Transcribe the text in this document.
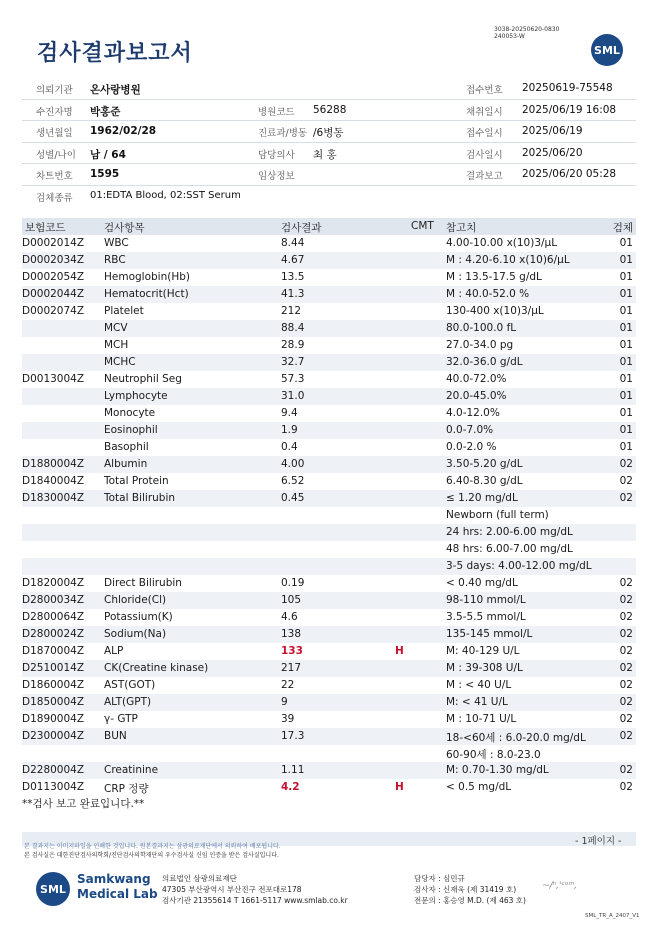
검사결과보고서
3038-20250620-0830
240053-W
SML
의뢰기관 온사랑병원	접수번호 20250619-75548
수진자명 박홍준	병원코드 56288	채취일시 2025/06/19 16:08
생년월일 1962/02/28	진료과/병동 /6병동	접수일시 2025/06/19
성별/나이 남 / 64	담당의사 최 홍	검사일시 2025/06/20
차트번호 1595	임상정보	결과보고 2025/06/20 05:28
검체종류 01:EDTA Blood, 02:SST Serum
보험코드	검사항목	검사결과	CMT 참고치	검체
D0002014Z WBC	8.44	4.00-10.00 x(10)3/μL	01
D0002034Z RBC	4.67	M : 4.20-6.10 x(10)6/μL	01
D0002054Z Hemoglobin(Hb)	13.5	M : 13.5-17.5 g/dL	01
D0002044Z Hematocrit(Hct)	41.3	M : 40.0-52.0 %	01
D0002074Z Platelet	212	130-400 x(10)3/μL	01
MCV	88.4	80.0-100.0 fL	01
MCH	28.9	27.0-34.0 pg	01
MCHC	32.7	32.0-36.0 g/dL	01
D0013004Z Neutrophil Seg	57.3	40.0-72.0%	01
Lymphocyte	31.0	20.0-45.0%	01
Monocyte	9.4	4.0-12.0%	01
Eosinophil	1.9	0.0-7.0%	01
Basophil	0.4	0.0-2.0 %	01
D1880004Z Albumin	4.00	3.50-5.20 g/dL	02
D1840004Z Total Protein	6.52	6.40-8.30 g/dL	02
D1830004Z Total Bilirubin	0.45	≤ 1.20 mg/dL	02
Newborn (full term)
24 hrs: 2.00-6.00 mg/dL
48 hrs: 6.00-7.00 mg/dL
3-5 days: 4.00-12.00 mg/dL
D1820004Z Direct Bilirubin	0.19	< 0.40 mg/dL	02
D2800034Z Chloride(Cl)	105	98-110 mmol/L	02
D2800064Z Potassium(K)	4.6	3.5-5.5 mmol/L	02
D2800024Z Sodium(Na)	138	135-145 mmol/L	02
D1870004Z ALP	133	H	M: 40-129 U/L	02
D2510014Z CK(Creatine kinase)	217	M : 39-308 U/L	02
D1860004Z AST(GOT)	22	M : < 40 U/L	02
D1850004Z ALT(GPT)	9	M: < 41 U/L	02
D1890004Z γ- GTP	39	M : 10-71 U/L	02
D2300004Z BUN	17.3	18-<60세 : 6.0-20.0 mg/dL	02
60-90세 : 8.0-23.0
D2280004Z Creatinine	1.11	M: 0.70-1.30 mg/dL	02
D0113004Z CRP 정량	4.2	H	< 0.5 mg/dL	02
**검사 보고 완료입니다.**
- 1페이지 -
본 결과지는 이미지파일을 인쇄한 것입니다. 원본결과지는 삼광의료재단에서 의뢰하여 배포됩니다.
본 검사실은 대한진단검사의학회/진단검사의학재단의 우수검사실 신임 인증을 받은 검사실입니다.
SML
Samkwang
Medical Lab
의료법인 삼광의료재단
47305 부산광역시 부산진구 전포대로178
검사기관 21355614 T 1661-5117 www.smlab.co.kr
담당자 : 심민규
검사자 : 신재욱 (제 31419 호)
전문의 : 홍승영 M.D. (제 463 호)
~/ʰ,'ᶜᵒᵐ,
SML_TR_A_2407_V1
